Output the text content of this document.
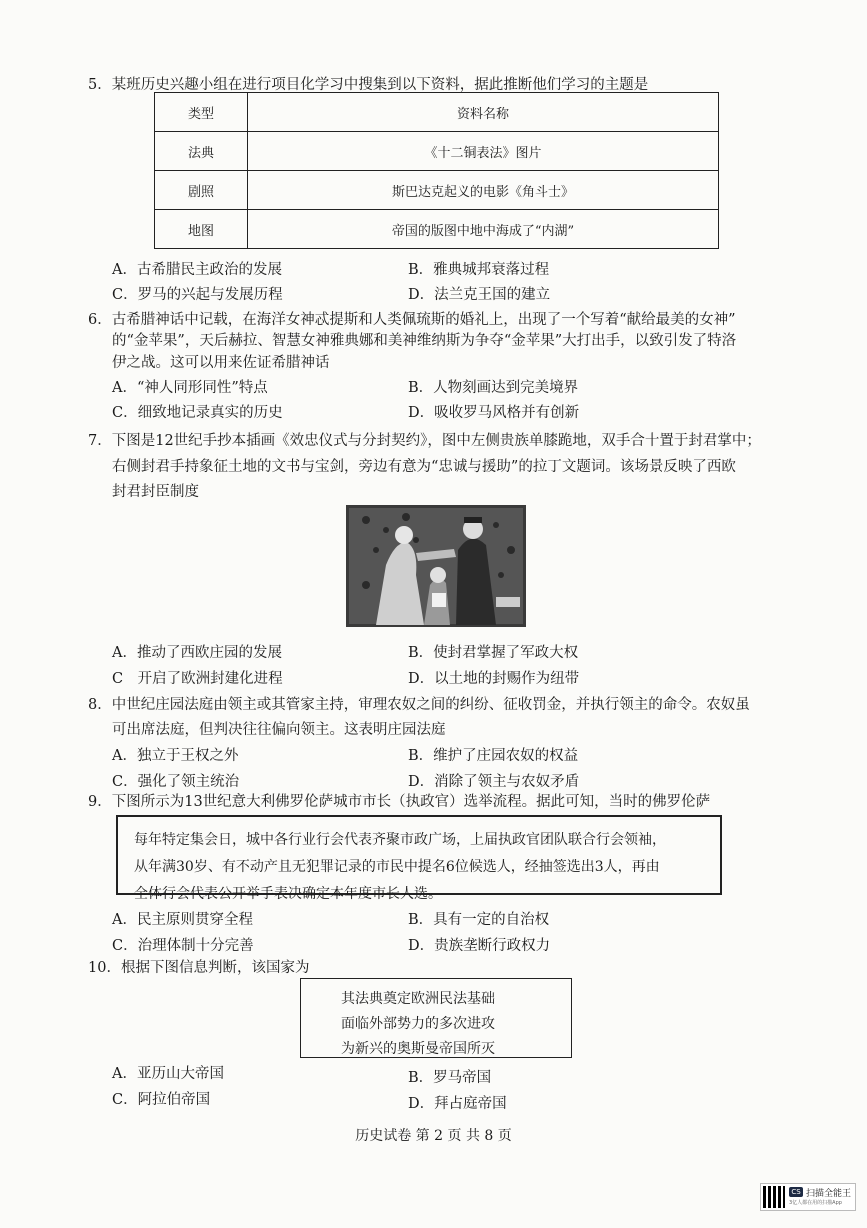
5．某班历史兴趣小组在进行项目化学习中搜集到以下资料，据此推断他们学习的主题是
类型	资料名称
法典	《十二铜表法》图片
剧照	斯巴达克起义的电影《角斗士》
地图	帝国的版图中地中海成了“内湖”
A．古希腊民主政治的发展	B．雅典城邦衰落过程
C．罗马的兴起与发展历程	D．法兰克王国的建立
6．古希腊神话中记载，在海洋女神忒提斯和人类佩琉斯的婚礼上，出现了一个写着“献给最美的女神”
的“金苹果”，天后赫拉、智慧女神雅典娜和美神维纳斯为争夺“金苹果”大打出手，以致引发了特洛
伊之战。这可以用来佐证希腊神话
A．“神人同形同性”特点	B．人物刻画达到完美境界
C．细致地记录真实的历史	D．吸收罗马风格并有创新
7．下图是12世纪手抄本插画《效忠仪式与分封契约》，图中左侧贵族单膝跪地，双手合十置于封君掌中；
右侧封君手持象征土地的文书与宝剑，旁边有意为“忠诚与援助”的拉丁文题词。该场景反映了西欧
封君封臣制度
A．推动了西欧庄园的发展	B．使封君掌握了军政大权
C　开启了欧洲封建化进程	D．以土地的封赐作为纽带
8．中世纪庄园法庭由领主或其管家主持，审理农奴之间的纠纷、征收罚金，并执行领主的命令。农奴虽
可出席法庭，但判决往往偏向领主。这表明庄园法庭
A．独立于王权之外	B．维护了庄园农奴的权益
C．强化了领主统治	D．消除了领主与农奴矛盾
9．下图所示为13世纪意大利佛罗伦萨城市市长（执政官）选举流程。据此可知，当时的佛罗伦萨
每年特定集会日，城中各行业行会代表齐聚市政广场，上届执政官团队联合行会领袖，
从年满30岁、有不动产且无犯罪记录的市民中提名6位候选人，经抽签选出3人，再由
全体行会代表公开举手表决确定本年度市长人选。
A．民主原则贯穿全程	B．具有一定的自治权
C．治理体制十分完善	D．贵族垄断行政权力
10．根据下图信息判断，该国家为
其法典奠定欧洲民法基础
面临外部势力的多次进攻
为新兴的奥斯曼帝国所灭
A．亚历山大帝国	B．罗马帝国
C．阿拉伯帝国	D．拜占庭帝国
历史试卷 第 2 页 共 8 页
CS 扫描全能王
3亿人都在用的扫描App
